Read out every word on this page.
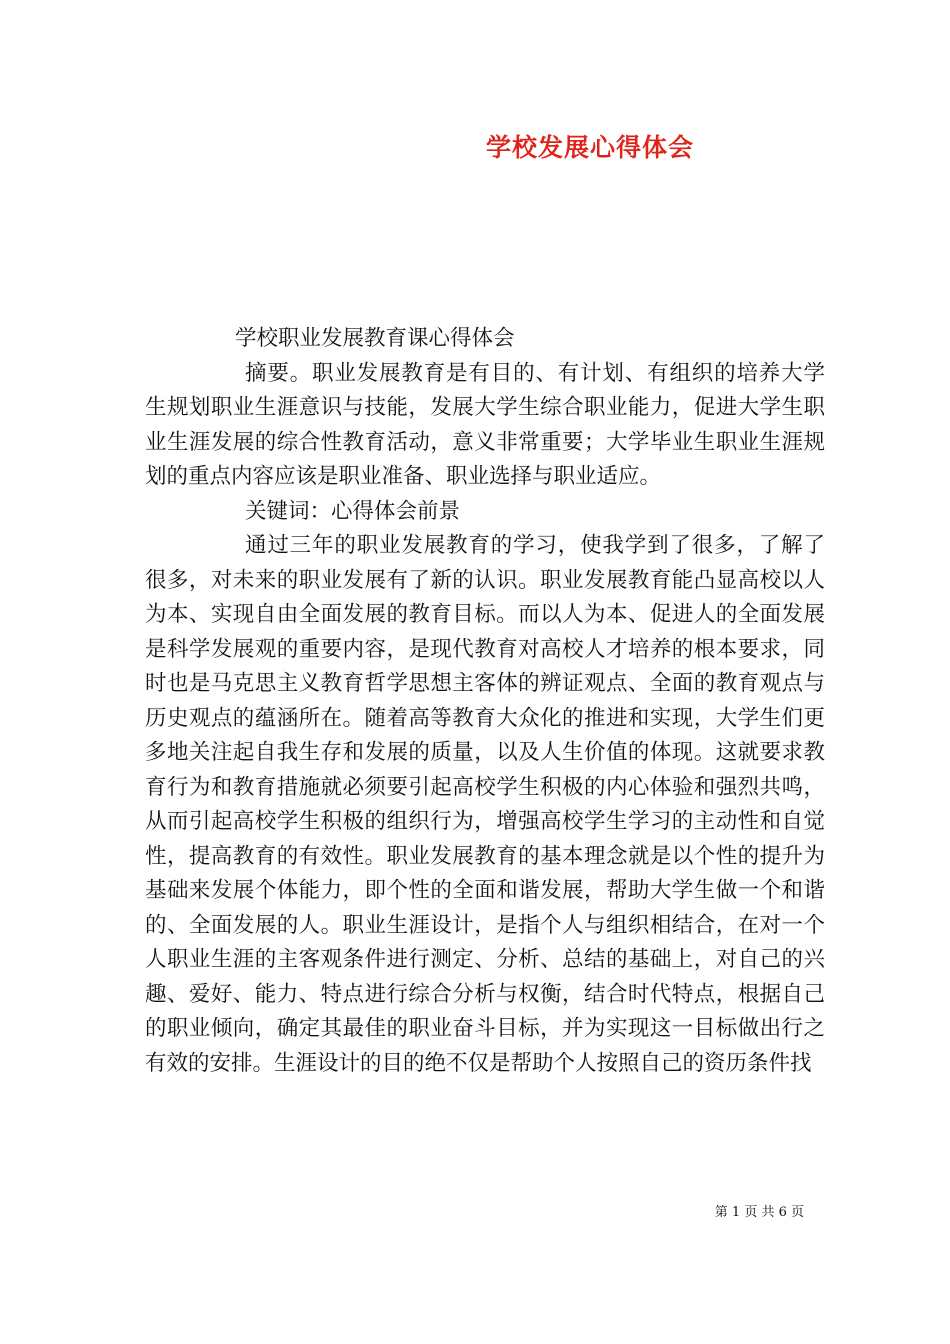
学校发展心得体会

学校职业发展教育课心得体会

摘要。职业发展教育是有目的、有计划、有组织的培养大学生规划职业生涯意识与技能，发展大学生综合职业能力，促进大学生职业生涯发展的综合性教育活动，意义非常重要；大学毕业生职业生涯规划的重点内容应该是职业准备、职业选择与职业适应。

关键词：心得体会前景

通过三年的职业发展教育的学习，使我学到了很多，了解了很多，对未来的职业发展有了新的认识。职业发展教育能凸显高校以人为本、实现自由全面发展的教育目标。而以人为本、促进人的全面发展是科学发展观的重要内容，是现代教育对高校人才培养的根本要求，同时也是马克思主义教育哲学思想主客体的辨证观点、全面的教育观点与历史观点的蕴涵所在。随着高等教育大众化的推进和实现，大学生们更多地关注起自我生存和发展的质量，以及人生价值的体现。这就要求教育行为和教育措施就必须要引起高校学生积极的内心体验和强烈共鸣，从而引起高校学生积极的组织行为，增强高校学生学习的主动性和自觉性，提高教育的有效性。职业发展教育的基本理念就是以个性的提升为基础来发展个体能力，即个性的全面和谐发展，帮助大学生做一个和谐的、全面发展的人。职业生涯设计，是指个人与组织相结合，在对一个人职业生涯的主客观条件进行测定、分析、总结的基础上，对自己的兴趣、爱好、能力、特点进行综合分析与权衡，结合时代特点，根据自己的职业倾向，确定其最佳的职业奋斗目标，并为实现这一目标做出行之有效的安排。生涯设计的目的绝不仅是帮助个人按照自己的资历条件找

第 1 页 共 6 页
